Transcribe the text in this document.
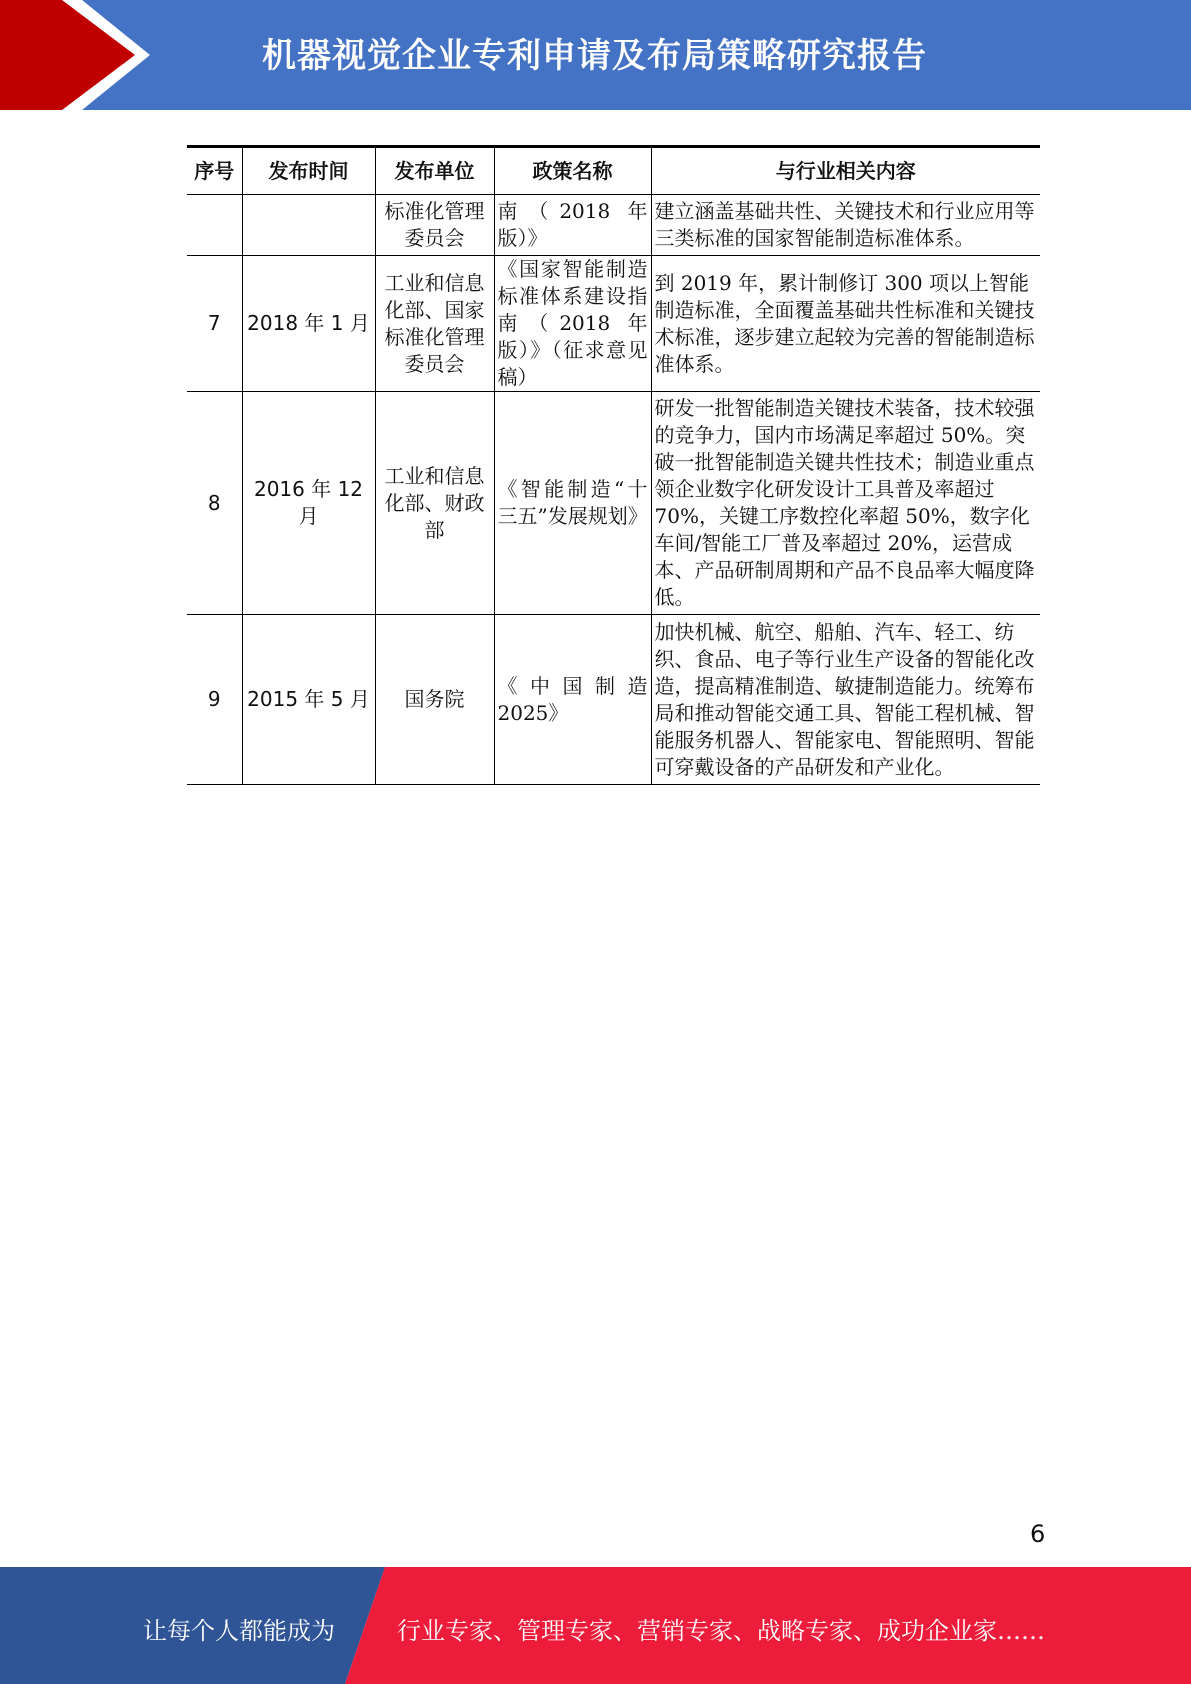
机器视觉企业专利申请及布局策略研究报告
序号	发布时间	发布单位	政策名称	与行业相关内容
		标准化管理委员会	南（2018 年版）》	建立涵盖基础共性、关键技术和行业应用等三类标准的国家智能制造标准体系。
7	2018 年 1 月	工业和信息化部、国家标准化管理委员会	《国家智能制造标准体系建设指南（2018 年版）》（征求意见稿）	到 2019 年，累计制修订 300 项以上智能制造标准，全面覆盖基础共性标准和关键技术标准，逐步建立起较为完善的智能制造标准体系。
8	2016 年 12 月	工业和信息化部、财政部	《智能制造“十三五”发展规划》	研发一批智能制造关键技术装备，技术较强的竞争力，国内市场满足率超过 50%。突破一批智能制造关键共性技术；制造业重点领企业数字化研发设计工具普及率超过 70%，关键工序数控化率超 50%，数字化车间/智能工厂普及率超过 20%，运营成本、产品研制周期和产品不良品率大幅度降低。
9	2015 年 5 月	国务院	《中国制造 2025》	加快机械、航空、船舶、汽车、轻工、纺织、食品、电子等行业生产设备的智能化改造，提高精准制造、敏捷制造能力。统筹布局和推动智能交通工具、智能工程机械、智能服务机器人、智能家电、智能照明、智能可穿戴设备的产品研发和产业化。
6
让每个人都能成为	行业专家、管理专家、营销专家、战略专家、成功企业家……
